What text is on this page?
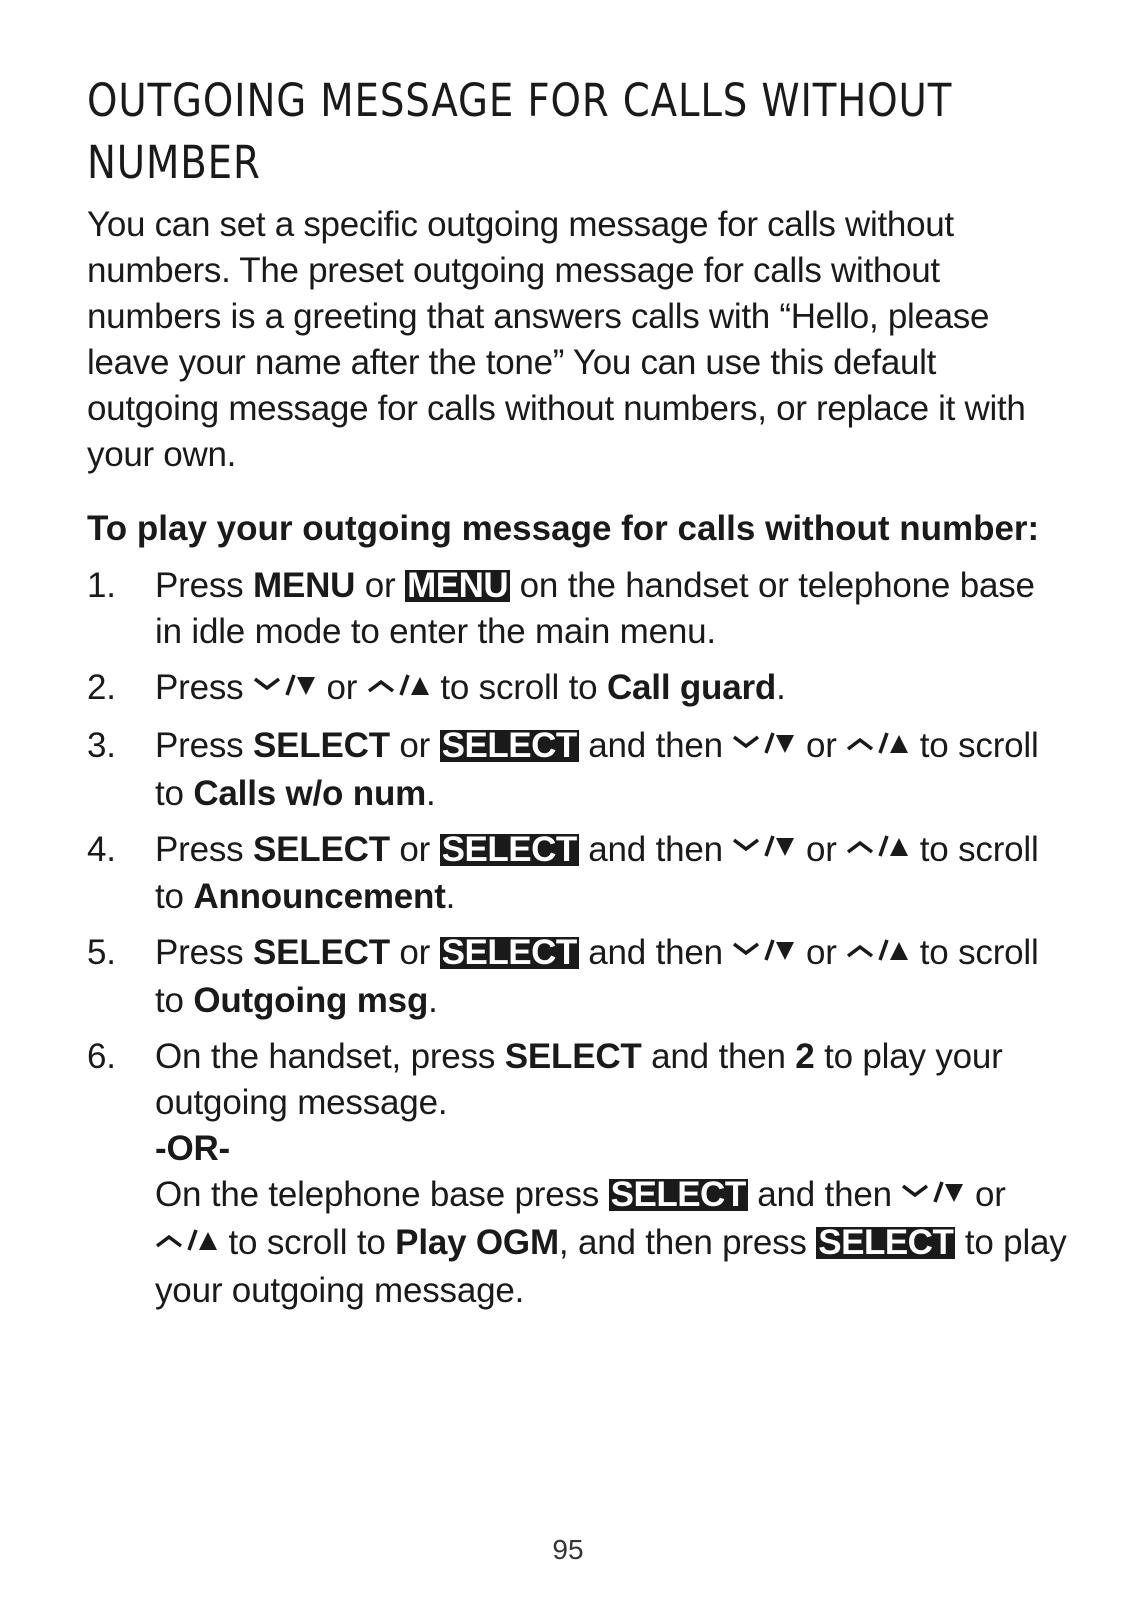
OUTGOING MESSAGE FOR CALLS WITHOUT NUMBER

You can set a specific outgoing message for calls without numbers. The preset outgoing message for calls without numbers is a greeting that answers calls with “Hello, please leave your name after the tone” You can use this default outgoing message for calls without numbers, or replace it with your own.

To play your outgoing message for calls without number:

1. Press MENU or MENU on the handset or telephone base in idle mode to enter the main menu.
2. Press or to scroll to Call guard.
3. Press SELECT or SELECT and then or to scroll to Calls w/o num.
4. Press SELECT or SELECT and then or to scroll to Announcement.
5. Press SELECT or SELECT and then or to scroll to Outgoing msg.
6. On the handset, press SELECT and then 2 to play your outgoing message.
-OR-
On the telephone base press SELECT and then or  to scroll to Play OGM, and then press SELECT to play your outgoing message.
95
